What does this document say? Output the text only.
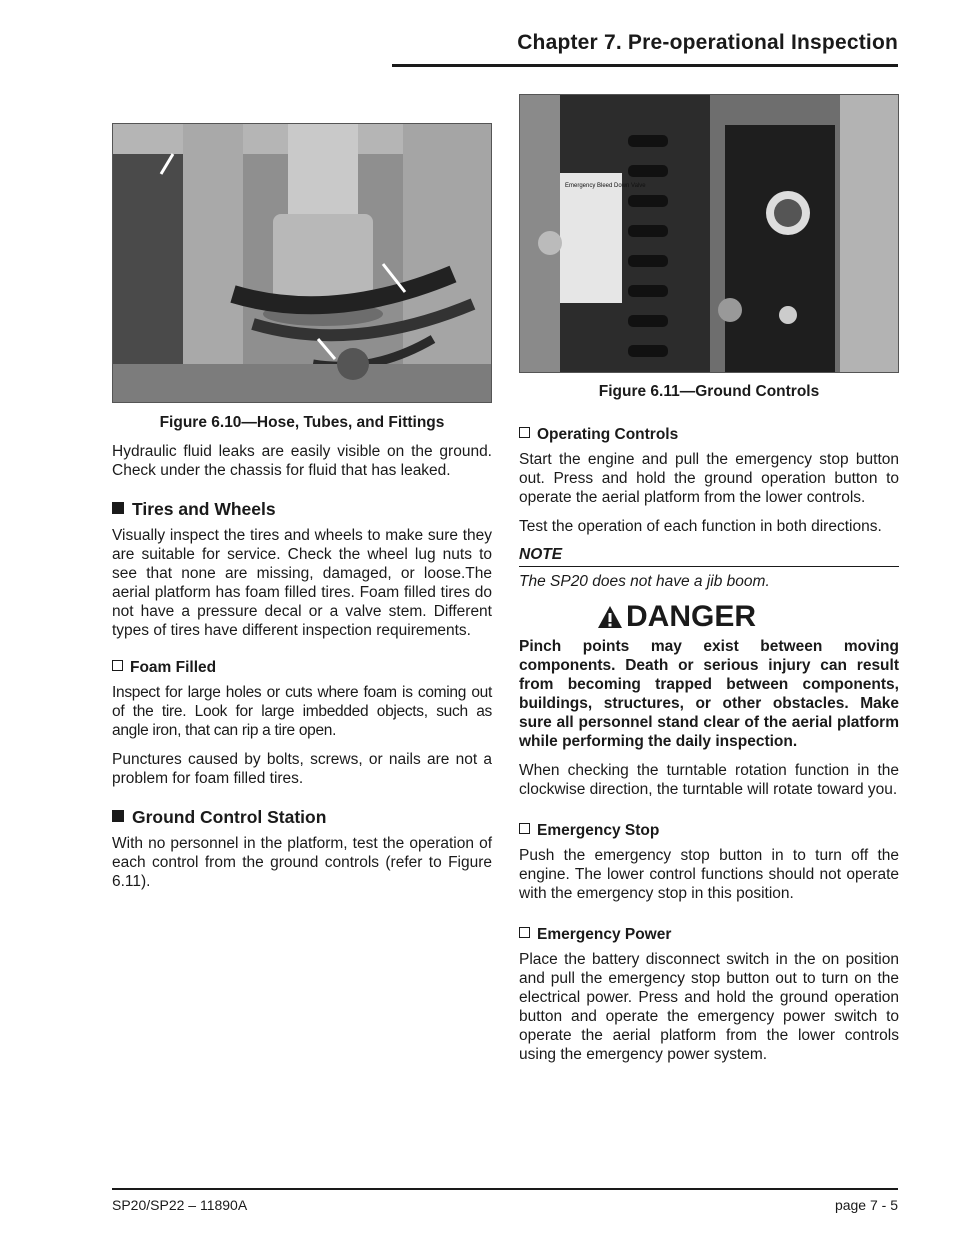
Chapter 7. Pre-operational Inspection
Figure 6.10—Hose, Tubes, and Fittings
Emergency Bleed Down Valve
Figure 6.11—Ground Controls

Hydraulic fluid leaks are easily visible on the ground. Check under the chassis for fluid that has leaked.

Tires and Wheels

Visually inspect the tires and wheels to make sure they are suitable for service. Check the wheel lug nuts to see that none are missing, damaged, or loose.The aerial platform has foam filled tires. Foam filled tires do not have a pressure decal or a valve stem. Different types of tires have different inspection requirements.

Foam Filled

Inspect for large holes or cuts where foam is coming out of the tire. Look for large imbedded objects, such as angle iron, that can rip a tire open.

Punctures caused by bolts, screws, or nails are not a problem for foam filled tires.

Ground Control Station

With no personnel in the platform, test the operation of each control from the ground controls (refer to Figure 6.11).

Operating Controls

Start the engine and pull the emergency stop button out. Press and hold the ground operation button to operate the aerial platform from the lower controls.

Test the operation of each function in both directions.

NOTE

The SP20 does not have a jib boom.

DANGER

Pinch points may exist between moving components. Death or serious injury can result from becoming trapped between components, buildings, structures, or other obstacles. Make sure all personnel stand clear of the aerial platform while performing the daily inspection.

When checking the turntable rotation function in the clockwise direction, the turntable will rotate toward you.

Emergency Stop

Push the emergency stop button in to turn off the engine. The lower control functions should not operate with the emergency stop in this position.

Emergency Power

Place the battery disconnect switch in the on position and pull the emergency stop button out to turn on the electrical power. Press and hold the ground operation button and operate the emergency power switch to operate the aerial platform from the lower controls using the emergency power system.

SP20/SP22 – 11890A	page 7 - 5
